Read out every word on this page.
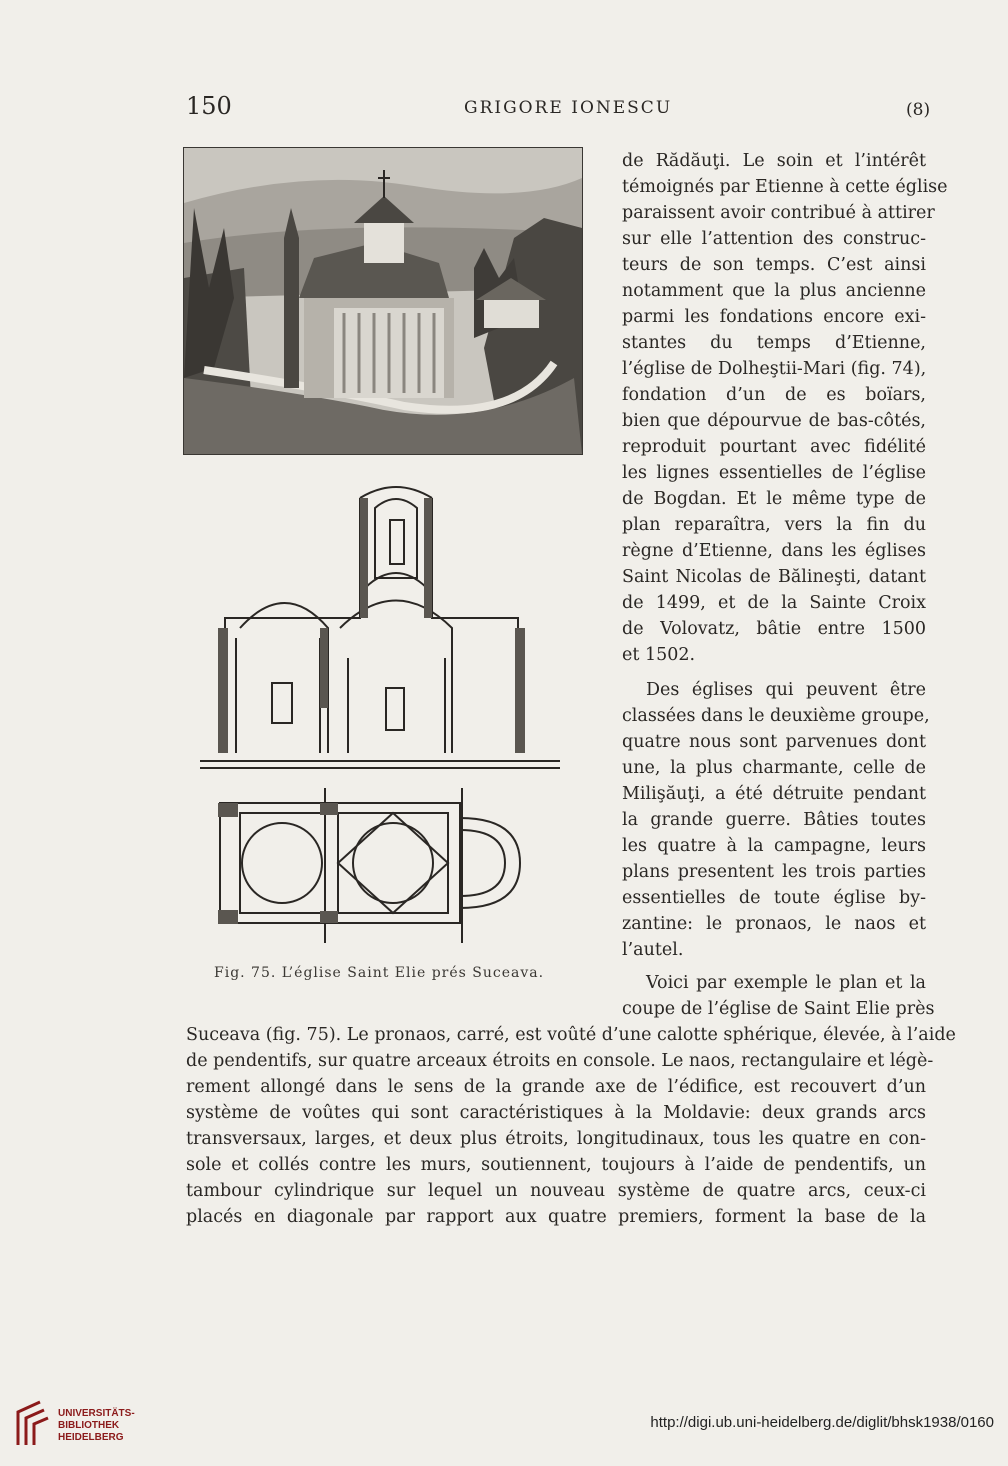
150	GRIGORE IONESCU	(8)
Fig. 75. L’église Saint Elie prés Suceava.
de Rădăuţi. Le soin et l’intérêt
témoignés par Etienne à cette église
paraissent avoir contribué à attirer
sur elle l’attention des construc-
teurs de son temps. C’est ainsi
notamment que la plus ancienne
parmi les fondations encore exi-
stantes du temps d’Etienne,
l’église de Dolheştii-Mari (fig. 74),
fondation d’un de es boïars,
bien que dépourvue de bas-côtés,
reproduit pourtant avec fidélité
les lignes essentielles de l’église
de Bogdan. Et le même type de
plan reparaîtra, vers la fin du
règne d’Etienne, dans les églises
Saint Nicolas de Bălineşti, datant
de 1499, et de la Sainte Croix
de Volovatz, bâtie entre 1500
et 1502.
Des églises qui peuvent être
classées dans le deuxième groupe,
quatre nous sont parvenues dont
une, la plus charmante, celle de
Milişăuţi, a été détruite pendant
la grande guerre. Bâties toutes
les quatre à la campagne, leurs
plans presentent les trois parties
essentielles de toute église by-
zantine: le pronaos, le naos et
l’autel.
Voici par exemple le plan et la
coupe de l’église de Saint Elie près
Suceava (fig. 75). Le pronaos, carré, est voûté d’une calotte sphérique, élevée, à l’aide
de pendentifs, sur quatre arceaux étroits en console. Le naos, rectangulaire et légè-
rement allongé dans le sens de la grande axe de l’édifice, est recouvert d’un
système de voûtes qui sont caractéristiques à la Moldavie: deux grands arcs
transversaux, larges, et deux plus étroits, longitudinaux, tous les quatre en con-
sole et collés contre les murs, soutiennent, toujours à l’aide de pendentifs, un
tambour cylindrique sur lequel un nouveau système de quatre arcs, ceux-ci
placés en diagonale par rapport aux quatre premiers, forment la base de la
UNIVERSITÄTS-
BIBLIOTHEK
HEIDELBERG
http://digi.ub.uni-heidelberg.de/diglit/bhsk1938/0160
